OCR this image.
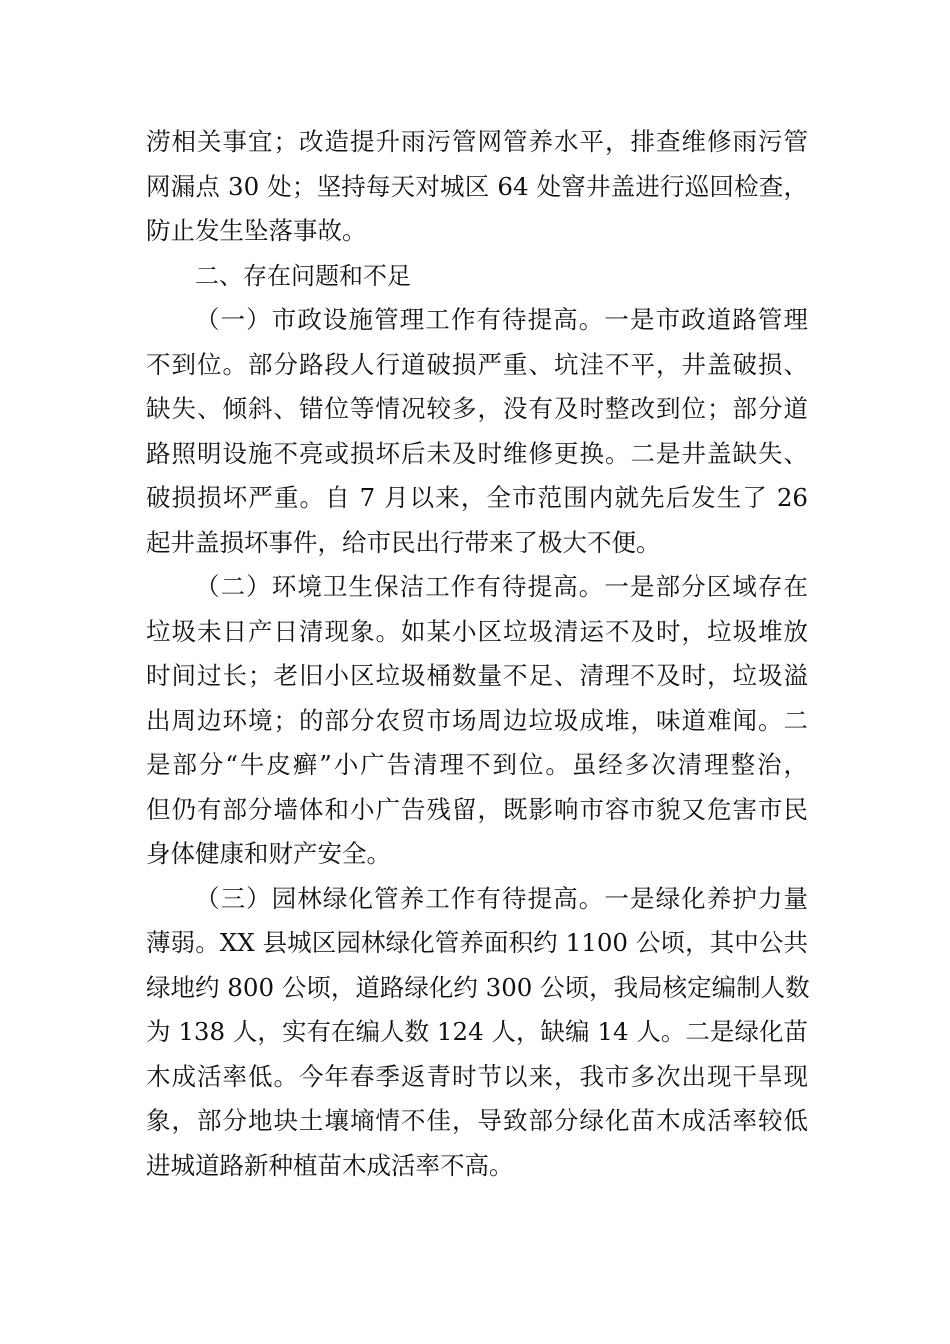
涝相关事宜；改造提升雨污管网管养水平，排查维修雨污管
网漏点 30 处；坚持每天对城区 64 处窨井盖进行巡回检查，
防止发生坠落事故。
二、存在问题和不足
（一）市政设施管理工作有待提高。一是市政道路管理
不到位。部分路段人行道破损严重、坑洼不平，井盖破损、
缺失、倾斜、错位等情况较多，没有及时整改到位；部分道
路照明设施不亮或损坏后未及时维修更换。二是井盖缺失、
破损损坏严重。自 7 月以来，全市范围内就先后发生了 26
起井盖损坏事件，给市民出行带来了极大不便。
（二）环境卫生保洁工作有待提高。一是部分区域存在
垃圾未日产日清现象。如某小区垃圾清运不及时，垃圾堆放
时间过长；老旧小区垃圾桶数量不足、清理不及时，垃圾溢
出周边环境；的部分农贸市场周边垃圾成堆，味道难闻。二
是部分“牛皮癣”小广告清理不到位。虽经多次清理整治，
但仍有部分墙体和小广告残留，既影响市容市貌又危害市民
身体健康和财产安全。
（三）园林绿化管养工作有待提高。一是绿化养护力量
薄弱。XX 县城区园林绿化管养面积约 1100 公顷，其中公共
绿地约 800 公顷，道路绿化约 300 公顷，我局核定编制人数
为 138 人，实有在编人数 124 人，缺编 14 人。二是绿化苗
木成活率低。今年春季返青时节以来，我市多次出现干旱现
象，部分地块土壤墒情不佳，导致部分绿化苗木成活率较低
进城道路新种植苗木成活率不高。
